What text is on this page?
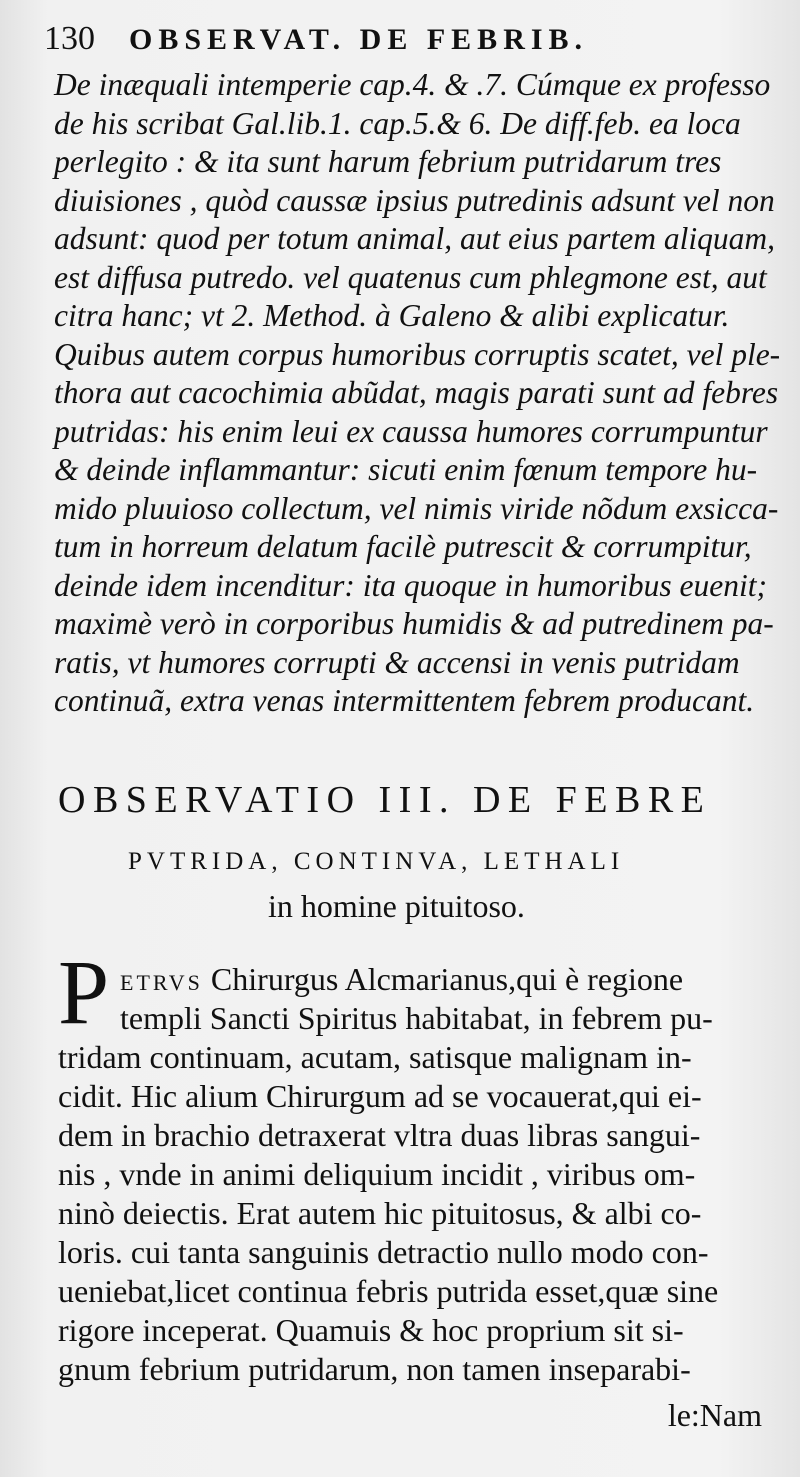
130 OBSERVAT. DE FEBRIB.
De inæquali intemperie cap.4. & .7. Cúmque ex professo
de his scribat Gal.lib.1. cap.5.& 6. De diff.feb. ea loca
perlegito : & ita sunt harum febrium putridarum tres
diuisiones , quòd caussæ ipsius putredinis adsunt vel non
adsunt: quod per totum animal, aut eius partem aliquam,
est diffusa putredo. vel quatenus cum phlegmone est, aut
citra hanc; vt 2. Method. à Galeno & alibi explicatur.
Quibus autem corpus humoribus corruptis scatet, vel ple-
thora aut cacochimia abũdat, magis parati sunt ad febres
putridas: his enim leui ex caussa humores corrumpuntur
& deinde inflammantur: sicuti enim fœnum tempore hu-
mido pluuioso collectum, vel nimis viride nõdum exsicca-
tum in horreum delatum facilè putrescit & corrumpitur,
deinde idem incenditur: ita quoque in humoribus euenit;
maximè verò in corporibus humidis & ad putredinem pa-
ratis, vt humores corrupti & accensi in venis putridam
continuã, extra venas intermittentem febrem producant.
OBSERVATIO III. DE FEBRE
PVTRIDA, CONTINVA, LETHALI
in homine pituitoso.
P ETRVS Chirurgus Alcmarianus,qui è regione
templi Sancti Spiritus habitabat, in febrem pu-
tridam continuam, acutam, satisque malignam in-
cidit. Hic alium Chirurgum ad se vocauerat,qui ei-
dem in brachio detraxerat vltra duas libras sangui-
nis , vnde in animi deliquium incidit , viribus om-
ninò deiectis. Erat autem hic pituitosus, & albi co-
loris. cui tanta sanguinis detractio nullo modo con-
ueniebat,licet continua febris putrida esset,quæ sine
rigore inceperat. Quamuis & hoc proprium sit si-
gnum febrium putridarum, non tamen inseparabi-
le:Nam
